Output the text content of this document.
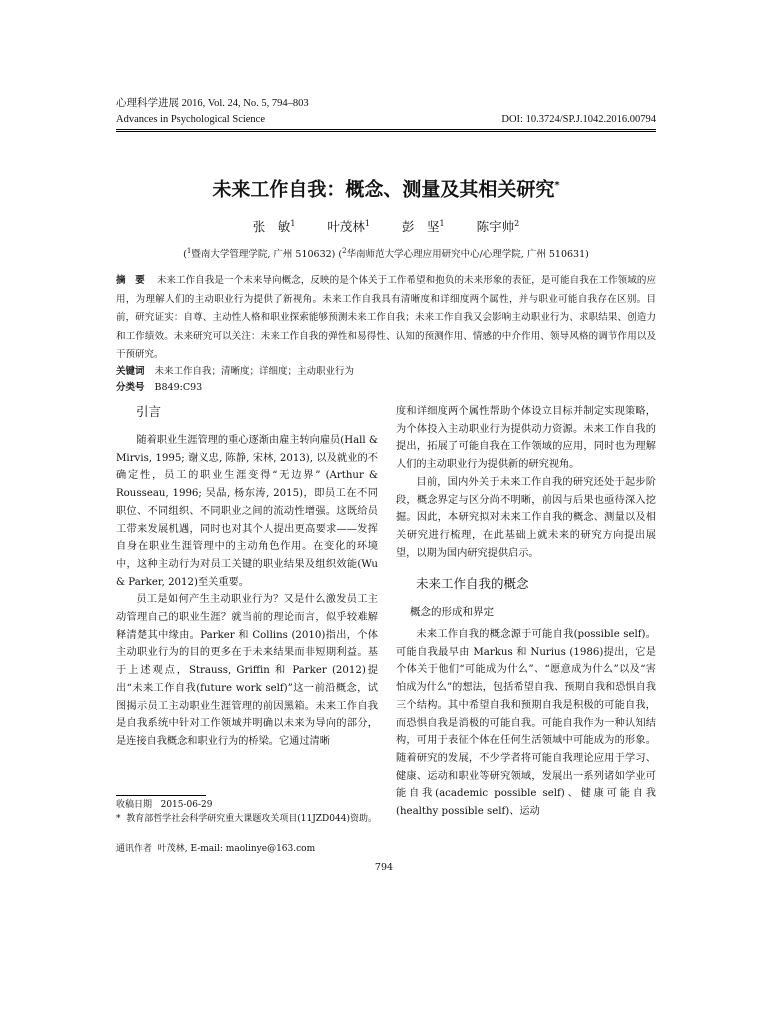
心理科学进展 2016, Vol. 24, No. 5, 794–803
Advances in Psychological Science	DOI: 10.3724/SP.J.1042.2016.00794
未来工作自我：概念、测量及其相关研究*
张　敏$^1$	叶茂林$^1$	彭　坚$^1$	陈宇帅$^2$
($^1$暨南大学管理学院, 广州 510632) ($^2$华南师范大学心理应用研究中心/心理学院, 广州 510631)
摘　要 未来工作自我是一个未来导向概念，反映的是个体关于工作希望和抱负的未来形象的表征，是可能自我在工作领域的应用，为理解人们的主动职业行为提供了新视角。未来工作自我具有清晰度和详细度两个属性，并与职业可能自我存在区别。目前，研究证实：自尊、主动性人格和职业探索能够预测未来工作自我；未来工作自我又会影响主动职业行为、求职结果、创造力和工作绩效。未来研究可以关注：未来工作自我的弹性和易得性、认知的预测作用、情感的中介作用、领导风格的调节作用以及干预研究。
关键词 未来工作自我；清晰度；详细度；主动职业行为
分类号 B849:C93

引言

随着职业生涯管理的重心逐渐由雇主转向雇员(Hall & Mirvis, 1995; 谢义忠, 陈静, 宋林, 2013), 以及就业的不确定性，员工的职业生涯变得“无边界” (Arthur & Rousseau, 1996; 吴晶, 杨东涛, 2015)，即员工在不同职位、不同组织、不同职业之间的流动性增强。这既给员工带来发展机遇，同时也对其个人提出更高要求——发挥自身在职业生涯管理中的主动角色作用。在变化的环境中，这种主动行为对员工关键的职业结果及组织效能(Wu & Parker, 2012)至关重要。

员工是如何产生主动职业行为？又是什么激发员工主动管理自己的职业生涯？就当前的理论而言，似乎较难解释清楚其中缘由。Parker 和 Collins (2010)指出，个体主动职业行为的目的更多在于未来结果而非短期利益。基于上述观点，Strauss, Griffin 和 Parker (2012)提出“未来工作自我(future work self)”这一前沿概念，试图揭示员工主动职业生涯管理的前因黑箱。未来工作自我是自我系统中针对工作领域并明确以未来为导向的部分，是连接自我概念和职业行为的桥梁。它通过清晰

度和详细度两个属性帮助个体设立目标并制定实现策略，为个体投入主动职业行为提供动力资源。未来工作自我的提出，拓展了可能自我在工作领域的应用，同时也为理解人们的主动职业行为提供新的研究视角。

目前，国内外关于未来工作自我的研究还处于起步阶段，概念界定与区分尚不明晰，前因与后果也亟待深入挖掘。因此，本研究拟对未来工作自我的概念、测量以及相关研究进行梳理，在此基础上就未来的研究方向提出展望，以期为国内研究提供启示。

未来工作自我的概念

概念的形成和界定

未来工作自我的概念源于可能自我(possible self)。可能自我最早由 Markus 和 Nurius (1986)提出，它是个体关于他们“可能成为什么”、“愿意成为什么”以及“害怕成为什么”的想法，包括希望自我、预期自我和恐惧自我三个结构。其中希望自我和预期自我是积极的可能自我，而恐惧自我是消极的可能自我。可能自我作为一种认知结构，可用于表征个体在任何生活领域中可能成为的形象。随着研究的发展，不少学者将可能自我理论应用于学习、健康、运动和职业等研究领域，发展出一系列诸如学业可能自我(academic possible self)、健康可能自我(healthy possible self)、运动

收稿日期 2015-06-29
* 教育部哲学社会科学研究重大课题攻关项目(11JZD044)资助。
通讯作者 叶茂林, E-mail: maolinye@163.com
794
